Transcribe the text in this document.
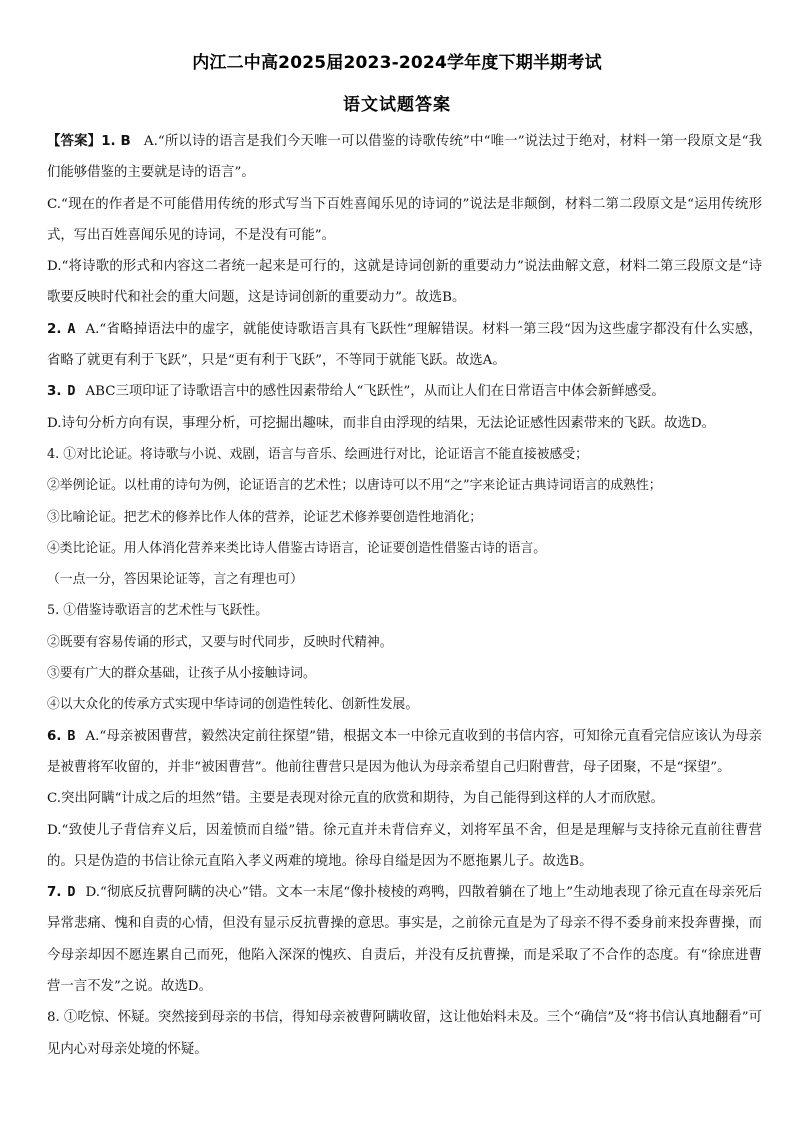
内江二中高2025届2023-2024学年度下期半期考试
语文试题答案

【答案】1. B A.“所以诗的语言是我们今天唯一可以借鉴的诗歌传统”中“唯一”说法过于绝对，材料一第一段原文是“我们能够借鉴的主要就是诗的语言”。

C.“现在的作者是不可能借用传统的形式写当下百姓喜闻乐见的诗词的”说法是非颠倒，材料二第二段原文是“运用传统形式，写出百姓喜闻乐见的诗词，不是没有可能”。

D.“将诗歌的形式和内容这二者统一起来是可行的，这就是诗词创新的重要动力”说法曲解文意，材料二第三段原文是“诗歌要反映时代和社会的重大问题，这是诗词创新的重要动力”。故选B。

2. A A.“省略掉语法中的虚字，就能使诗歌语言具有飞跃性”理解错误。材料一第三段“因为这些虚字都没有什么实感，省略了就更有利于飞跃”，只是“更有利于飞跃”，不等同于就能飞跃。故选A。

3. D ABC三项印证了诗歌语言中的感性因素带给人“飞跃性”，从而让人们在日常语言中体会新鲜感受。

D.诗句分析方向有误，事理分析，可挖掘出趣味，而非自由浮现的结果，无法论证感性因素带来的飞跃。故选D。

4. ①对比论证。将诗歌与小说、戏剧，语言与音乐、绘画进行对比，论证语言不能直接被感受；

②举例论证。以杜甫的诗句为例，论证语言的艺术性；以唐诗可以不用“之”字来论证古典诗词语言的成熟性；

③比喻论证。把艺术的修养比作人体的营养，论证艺术修养要创造性地消化；

④类比论证。用人体消化营养来类比诗人借鉴古诗语言，论证要创造性借鉴古诗的语言。

（一点一分，答因果论证等，言之有理也可）

5. ①借鉴诗歌语言的艺术性与飞跃性。

②既要有容易传诵的形式，又要与时代同步，反映时代精神。

③要有广大的群众基础，让孩子从小接触诗词。

④以大众化的传承方式实现中华诗词的创造性转化、创新性发展。

6. B A.“母亲被困曹营，毅然决定前往探望”错，根据文本一中徐元直收到的书信内容，可知徐元直看完信应该认为母亲是被曹将军收留的，并非“被困曹营”。他前往曹营只是因为他认为母亲希望自己归附曹营，母子团聚，不是“探望”。

C.突出阿瞒“计成之后的坦然”错。主要是表现对徐元直的欣赏和期待，为自己能得到这样的人才而欣慰。

D.“致使儿子背信弃义后，因羞愤而自缢”错。徐元直并未背信弃义，刘将军虽不舍，但是是理解与支持徐元直前往曹营的。只是伪造的书信让徐元直陷入孝义两难的境地。徐母自缢是因为不愿拖累儿子。故选B。

7. D D.“彻底反抗曹阿瞒的决心”错。文本一末尾“像扑棱棱的鸡鸭，四散着躺在了地上”生动地表现了徐元直在母亲死后异常悲痛、愧和自责的心情，但没有显示反抗曹操的意思。事实是，之前徐元直是为了母亲不得不委身前来投奔曹操，而今母亲却因不愿连累自己而死，他陷入深深的愧疚、自责后，并没有反抗曹操，而是采取了不合作的态度。有“徐庶进曹营一言不发”之说。故选D。

8. ①吃惊、怀疑。突然接到母亲的书信，得知母亲被曹阿瞒收留，这让他始料未及。三个“确信”及“将书信认真地翻看”可见内心对母亲处境的怀疑。
